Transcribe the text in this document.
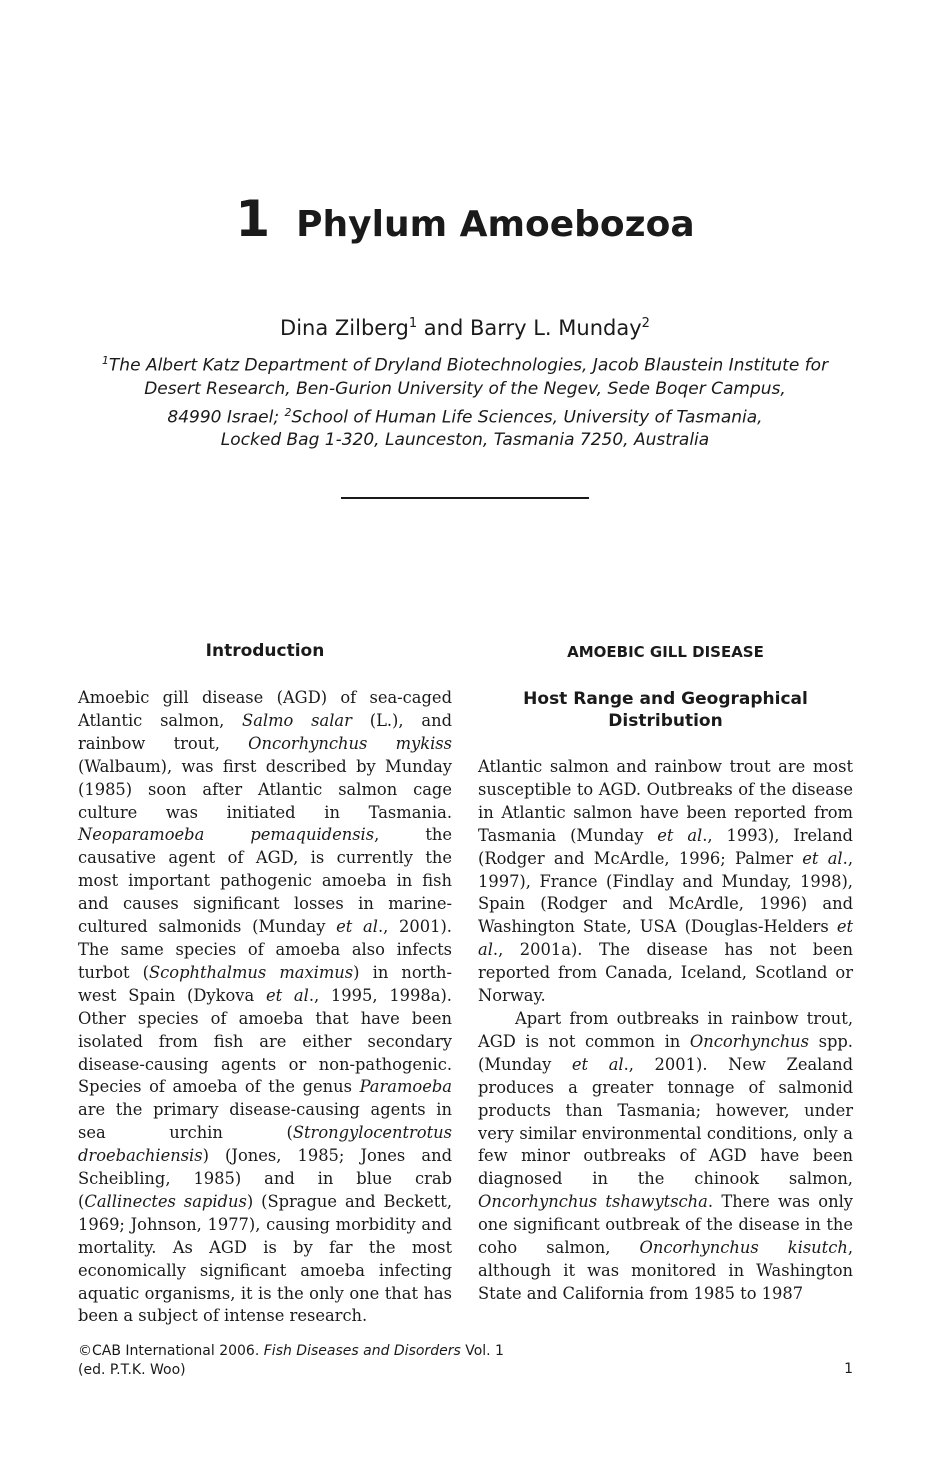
1 Phylum Amoebozoa
Dina Zilberg$^1$ and Barry L. Munday$^2$

$^1$The Albert Katz Department of Dryland Biotechnologies, Jacob Blaustein Institute for

Desert Research, Ben-Gurion University of the Negev, Sede Boqer Campus,

84990 Israel; $^2$School of Human Life Sciences, University of Tasmania,

Locked Bag 1-320, Launceston, Tasmania 7250, Australia

Introduction

Amoebic gill disease (AGD) of sea-caged Atlantic salmon, Salmo salar (L.), and rainbow trout, Oncorhynchus mykiss (Walbaum), was first described by Munday (1985) soon after Atlantic salmon cage culture was initiated in Tasmania. Neoparamoeba pemaquidensis, the causative agent of AGD, is currently the most important pathogenic amoeba in fish and causes significant losses in marine-cultured salmonids (Munday et al., 2001). The same species of amoeba also infects turbot (Scophthalmus maximus) in north-west Spain (Dykova et al., 1995, 1998a). Other species of amoeba that have been isolated from fish are either secondary disease-causing agents or non-pathogenic. Species of amoeba of the genus Paramoeba are the primary disease-causing agents in sea urchin (Strongylocentrotus droebachiensis) (Jones, 1985; Jones and Scheibling, 1985) and in blue crab (Callinectes sapidus) (Sprague and Beckett, 1969; Johnson, 1977), causing morbidity and mortality. As AGD is by far the most economically significant amoeba infecting aquatic organisms, it is the only one that has been a subject of intense research.

AMOEBIC GILL DISEASE
Host Range and Geographical
Distribution

Atlantic salmon and rainbow trout are most susceptible to AGD. Outbreaks of the disease in Atlantic salmon have been reported from Tasmania (Munday et al., 1993), Ireland (Rodger and McArdle, 1996; Palmer et al., 1997), France (Findlay and Munday, 1998), Spain (Rodger and McArdle, 1996) and Washington State, USA (Douglas-Helders et al., 2001a). The disease has not been reported from Canada, Iceland, Scotland or Norway.

Apart from outbreaks in rainbow trout, AGD is not common in Oncorhynchus spp. (Munday et al., 2001). New Zealand produces a greater tonnage of salmonid products than Tasmania; however, under very similar environmental conditions, only a few minor outbreaks of AGD have been diagnosed in the chinook salmon, Oncorhynchus tshawytscha. There was only one significant outbreak of the disease in the coho salmon, Oncorhynchus kisutch, although it was monitored in Washington State and California from 1985 to 1987

©CAB International 2006. Fish Diseases and Disorders Vol. 1

(ed. P.T.K. Woo)	1
